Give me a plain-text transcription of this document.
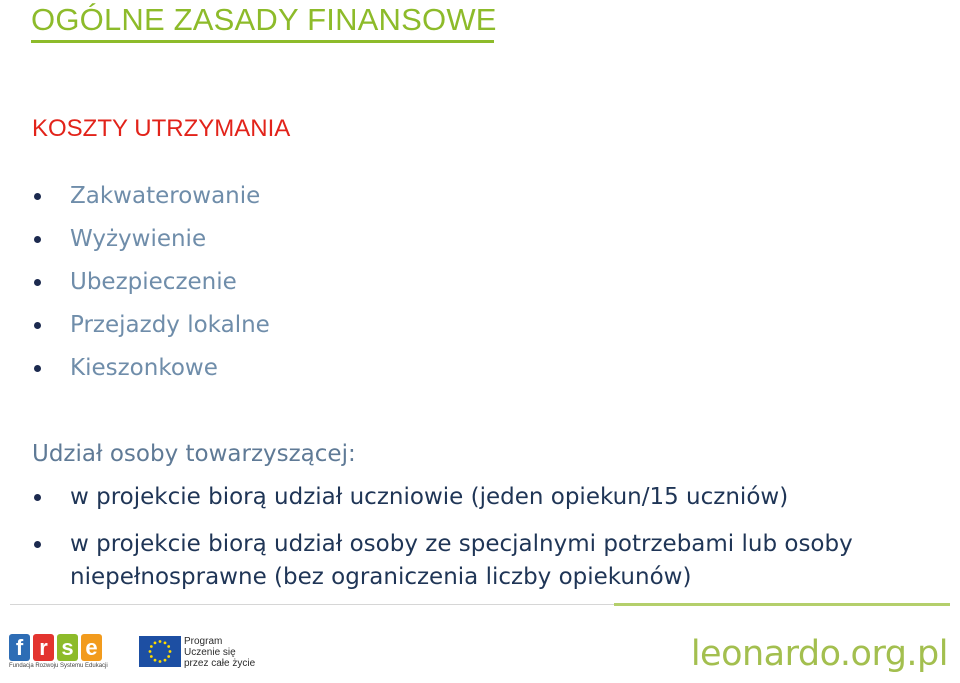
OGÓLNE ZASADY FINANSOWE
KOSZTY UTRZYMANIA
Zakwaterowanie
Wyżywienie
Ubezpieczenie
Przejazdy lokalne
Kieszonkowe
Udział osoby towarzyszącej:
w projekcie biorą udział uczniowie (jeden opiekun/15 uczniów)
w projekcie biorą udział osoby ze specjalnymi potrzebami lub osoby niepełnosprawne (bez ograniczenia liczby opiekunów)
f r s e
Fundacja Rozwoju Systemu Edukacji
Program
Uczenie się
przez całe życie	leonardo.org.pl
